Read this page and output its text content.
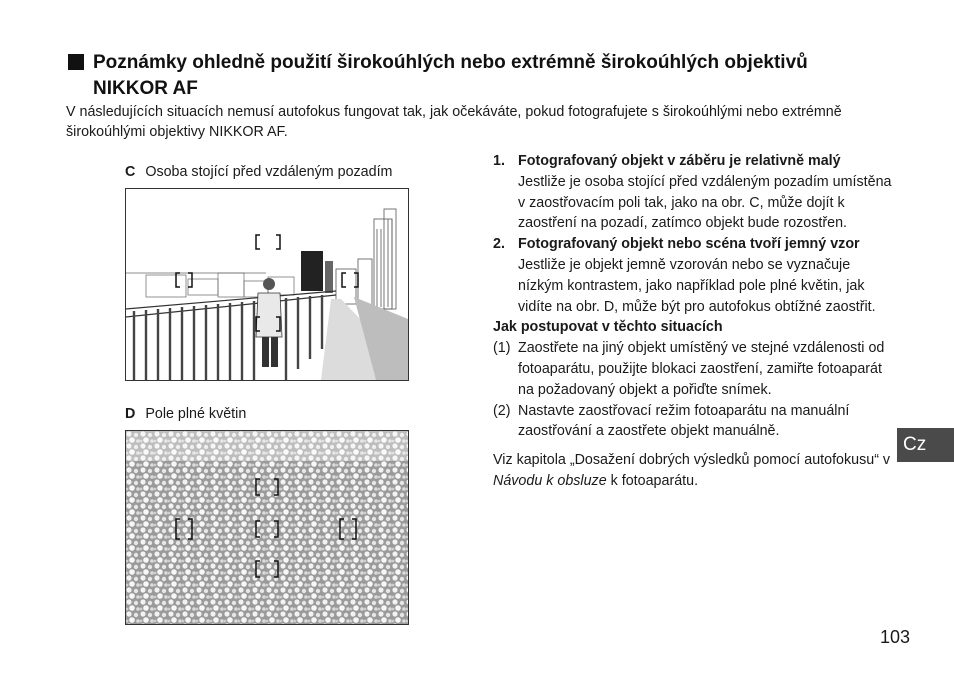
Poznámky ohledně použití širokoúhlých nebo extrémně širokoúhlých objektivů NIKKOR AF
V následujících situacích nemusí autofokus fungovat tak, jak očekáváte, pokud fotografujete s širokoúhlými nebo extrémně širokoúhlými objektivy NIKKOR AF.
C Osoba stojící před vzdáleným pozadím
D Pole plné květin
1. Fotografovaný objekt v záběru je relativně malý
Jestliže je osoba stojící před vzdáleným pozadím umístěna v zaostřovacím poli tak, jako na obr. C, může dojít k zaostření na pozadí, zatímco objekt bude rozostřen.
2. Fotografovaný objekt nebo scéna tvoří jemný vzor
Jestliže je objekt jemně vzorován nebo se vyznačuje nízkým kontrastem, jako například pole plné květin, jak vidíte na obr. D, může být pro autofokus obtížné zaostřit.
Jak postupovat v těchto situacích
(1) Zaostřete na jiný objekt umístěný ve stejné vzdálenosti od fotoaparátu, použijte blokaci zaostření, zamiřte fotoaparát na požadovaný objekt a pořiďte snímek.
(2) Nastavte zaostřovací režim fotoaparátu na manuální zaostřování a zaostřete objekt manuálně.
Viz kapitola „Dosažení dobrých výsledků pomocí autofokusu“ v Návodu k obsluze k fotoaparátu.
Cz
103
